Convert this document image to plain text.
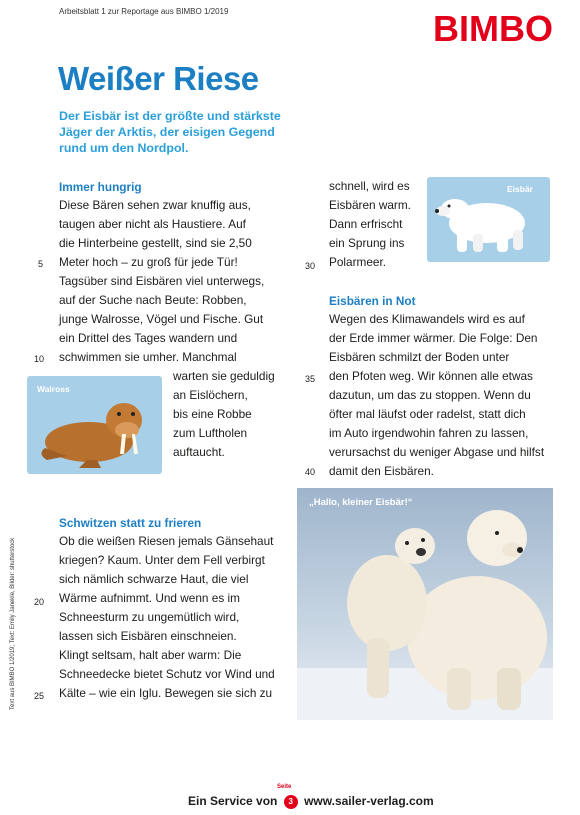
Arbeitsblatt 1 zur Reportage aus BIMBO 1/2019	BIMBO
Weißer Riese
Der Eisbär ist der größte und stärkste Jäger der Arktis, der eisigen Gegend rund um den Nordpol.
Immer hungrig
Diese Bären sehen zwar knuffig aus,
taugen aber nicht als Haustiere. Auf
die Hinterbeine gestellt, sind sie 2,50
Meter hoch – zu groß für jede Tür!
Tagsüber sind Eisbären viel unterwegs,
auf der Suche nach Beute: Robben,
junge Walrosse, Vögel und Fische. Gut
ein Drittel des Tages wandern und
schwimmen sie umher. Manchmal
warten sie geduldig
an Eislöchern,
bis eine Robbe
zum Luftholen
auftaucht.
Walross
Schwitzen statt zu frieren
Ob die weißen Riesen jemals Gänsehaut
kriegen? Kaum. Unter dem Fell verbirgt
sich nämlich schwarze Haut, die viel
Wärme aufnimmt. Und wenn es im
Schneesturm zu ungemütlich wird,
lassen sich Eisbären einschneien.
Klingt seltsam, halt aber warm: Die
Schneedecke bietet Schutz vor Wind und
Kälte – wie ein Iglu. Bewegen sie sich zu
schnell, wird es
Eisbären warm.
Dann erfrischt
ein Sprung ins
Polarmeer.
Eisbär
Eisbären in Not
Wegen des Klimawandels wird es auf
der Erde immer wärmer. Die Folge: Den
Eisbären schmilzt der Boden unter
den Pfoten weg. Wir können alle etwas
dazutun, um das zu stoppen. Wenn du
öfter mal läufst oder radelst, statt dich
im Auto irgendwohin fahren zu lassen,
verursachst du weniger Abgase und hilfst
damit den Eisbären.
5
10
20
25
30
35
40
„Hallo, kleiner Eisbär!“
Text aus BIMBO 1/2019; Text: Emily Janekle, Bilder: shutterstock
Ein Service von 3 www.sailer-verlag.com
Seite
